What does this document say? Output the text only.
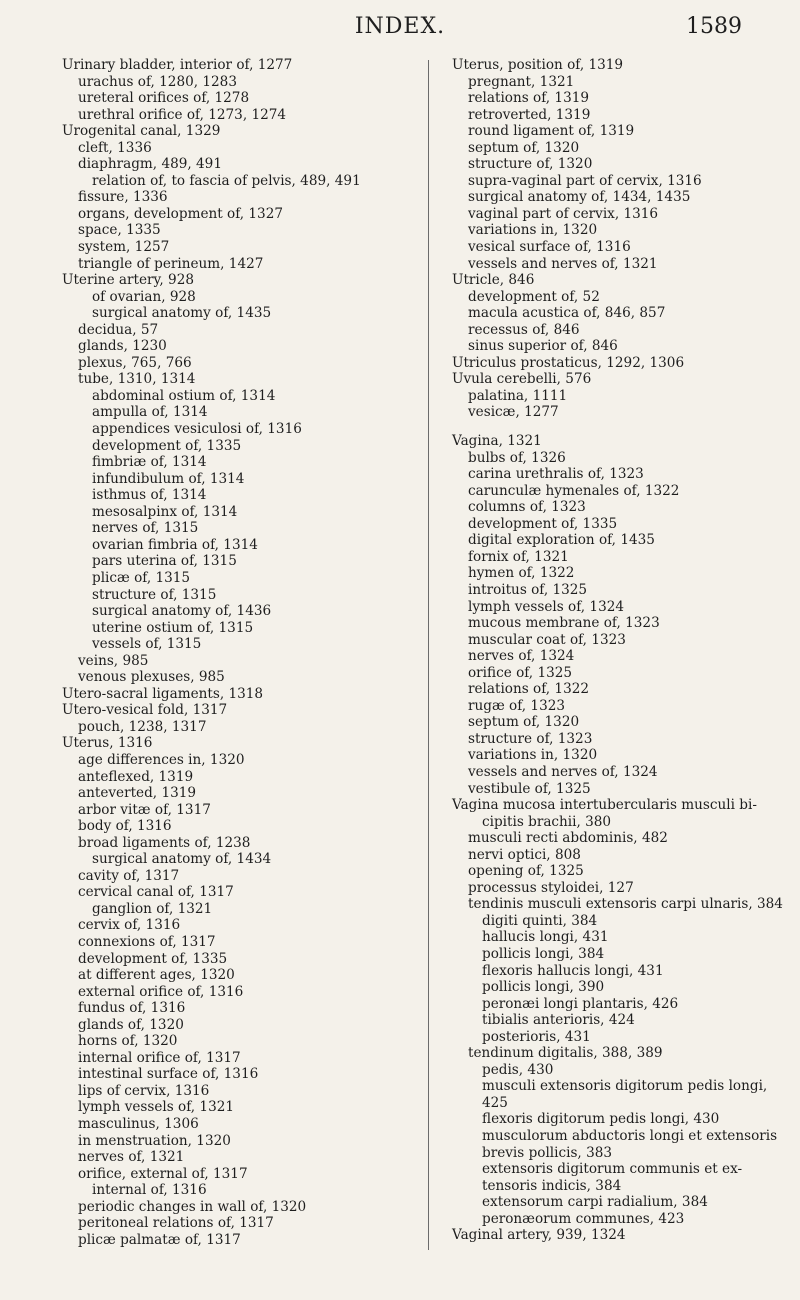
INDEX.	1589
Urinary bladder, interior of, 1277
urachus of, 1280, 1283
ureteral orifices of, 1278
urethral orifice of, 1273, 1274
Urogenital canal, 1329
cleft, 1336
diaphragm, 489, 491
relation of, to fascia of pelvis, 489, 491
fissure, 1336
organs, development of, 1327
space, 1335
system, 1257
triangle of perineum, 1427
Uterine artery, 928
of ovarian, 928
surgical anatomy of, 1435
decidua, 57
glands, 1230
plexus, 765, 766
tube, 1310, 1314
abdominal ostium of, 1314
ampulla of, 1314
appendices vesiculosi of, 1316
development of, 1335
fimbriæ of, 1314
infundibulum of, 1314
isthmus of, 1314
mesosalpinx of, 1314
nerves of, 1315
ovarian fimbria of, 1314
pars uterina of, 1315
plicæ of, 1315
structure of, 1315
surgical anatomy of, 1436
uterine ostium of, 1315
vessels of, 1315
veins, 985
venous plexuses, 985
Utero-sacral ligaments, 1318
Utero-vesical fold, 1317
pouch, 1238, 1317
Uterus, 1316
age differences in, 1320
anteflexed, 1319
anteverted, 1319
arbor vitæ of, 1317
body of, 1316
broad ligaments of, 1238
surgical anatomy of, 1434
cavity of, 1317
cervical canal of, 1317
ganglion of, 1321
cervix of, 1316
connexions of, 1317
development of, 1335
at different ages, 1320
external orifice of, 1316
fundus of, 1316
glands of, 1320
horns of, 1320
internal orifice of, 1317
intestinal surface of, 1316
lips of cervix, 1316
lymph vessels of, 1321
masculinus, 1306
in menstruation, 1320
nerves of, 1321
orifice, external of, 1317
internal of, 1316
periodic changes in wall of, 1320
peritoneal relations of, 1317
plicæ palmatæ of, 1317
Uterus, position of, 1319
pregnant, 1321
relations of, 1319
retroverted, 1319
round ligament of, 1319
septum of, 1320
structure of, 1320
supra-vaginal part of cervix, 1316
surgical anatomy of, 1434, 1435
vaginal part of cervix, 1316
variations in, 1320
vesical surface of, 1316
vessels and nerves of, 1321
Utricle, 846
development of, 52
macula acustica of, 846, 857
recessus of, 846
sinus superior of, 846
Utriculus prostaticus, 1292, 1306
Uvula cerebelli, 576
palatina, 1111
vesicæ, 1277
Vagina, 1321
bulbs of, 1326
carina urethralis of, 1323
carunculæ hymenales of, 1322
columns of, 1323
development of, 1335
digital exploration of, 1435
fornix of, 1321
hymen of, 1322
introitus of, 1325
lymph vessels of, 1324
mucous membrane of, 1323
muscular coat of, 1323
nerves of, 1324
orifice of, 1325
relations of, 1322
rugæ of, 1323
septum of, 1320
structure of, 1323
variations in, 1320
vessels and nerves of, 1324
vestibule of, 1325
Vagina mucosa intertubercularis musculi bi-
cipitis brachii, 380
musculi recti abdominis, 482
nervi optici, 808
opening of, 1325
processus styloidei, 127
tendinis musculi extensoris carpi ulnaris, 384
digiti quinti, 384
hallucis longi, 431
pollicis longi, 384
flexoris hallucis longi, 431
pollicis longi, 390
peronæi longi plantaris, 426
tibialis anterioris, 424
posterioris, 431
tendinum digitalis, 388, 389
pedis, 430
musculi extensoris digitorum pedis longi,
425
flexoris digitorum pedis longi, 430
musculorum abductoris longi et extensoris
brevis pollicis, 383
extensoris digitorum communis et ex-
tensoris indicis, 384
extensorum carpi radialium, 384
peronæorum communes, 423
Vaginal artery, 939, 1324
